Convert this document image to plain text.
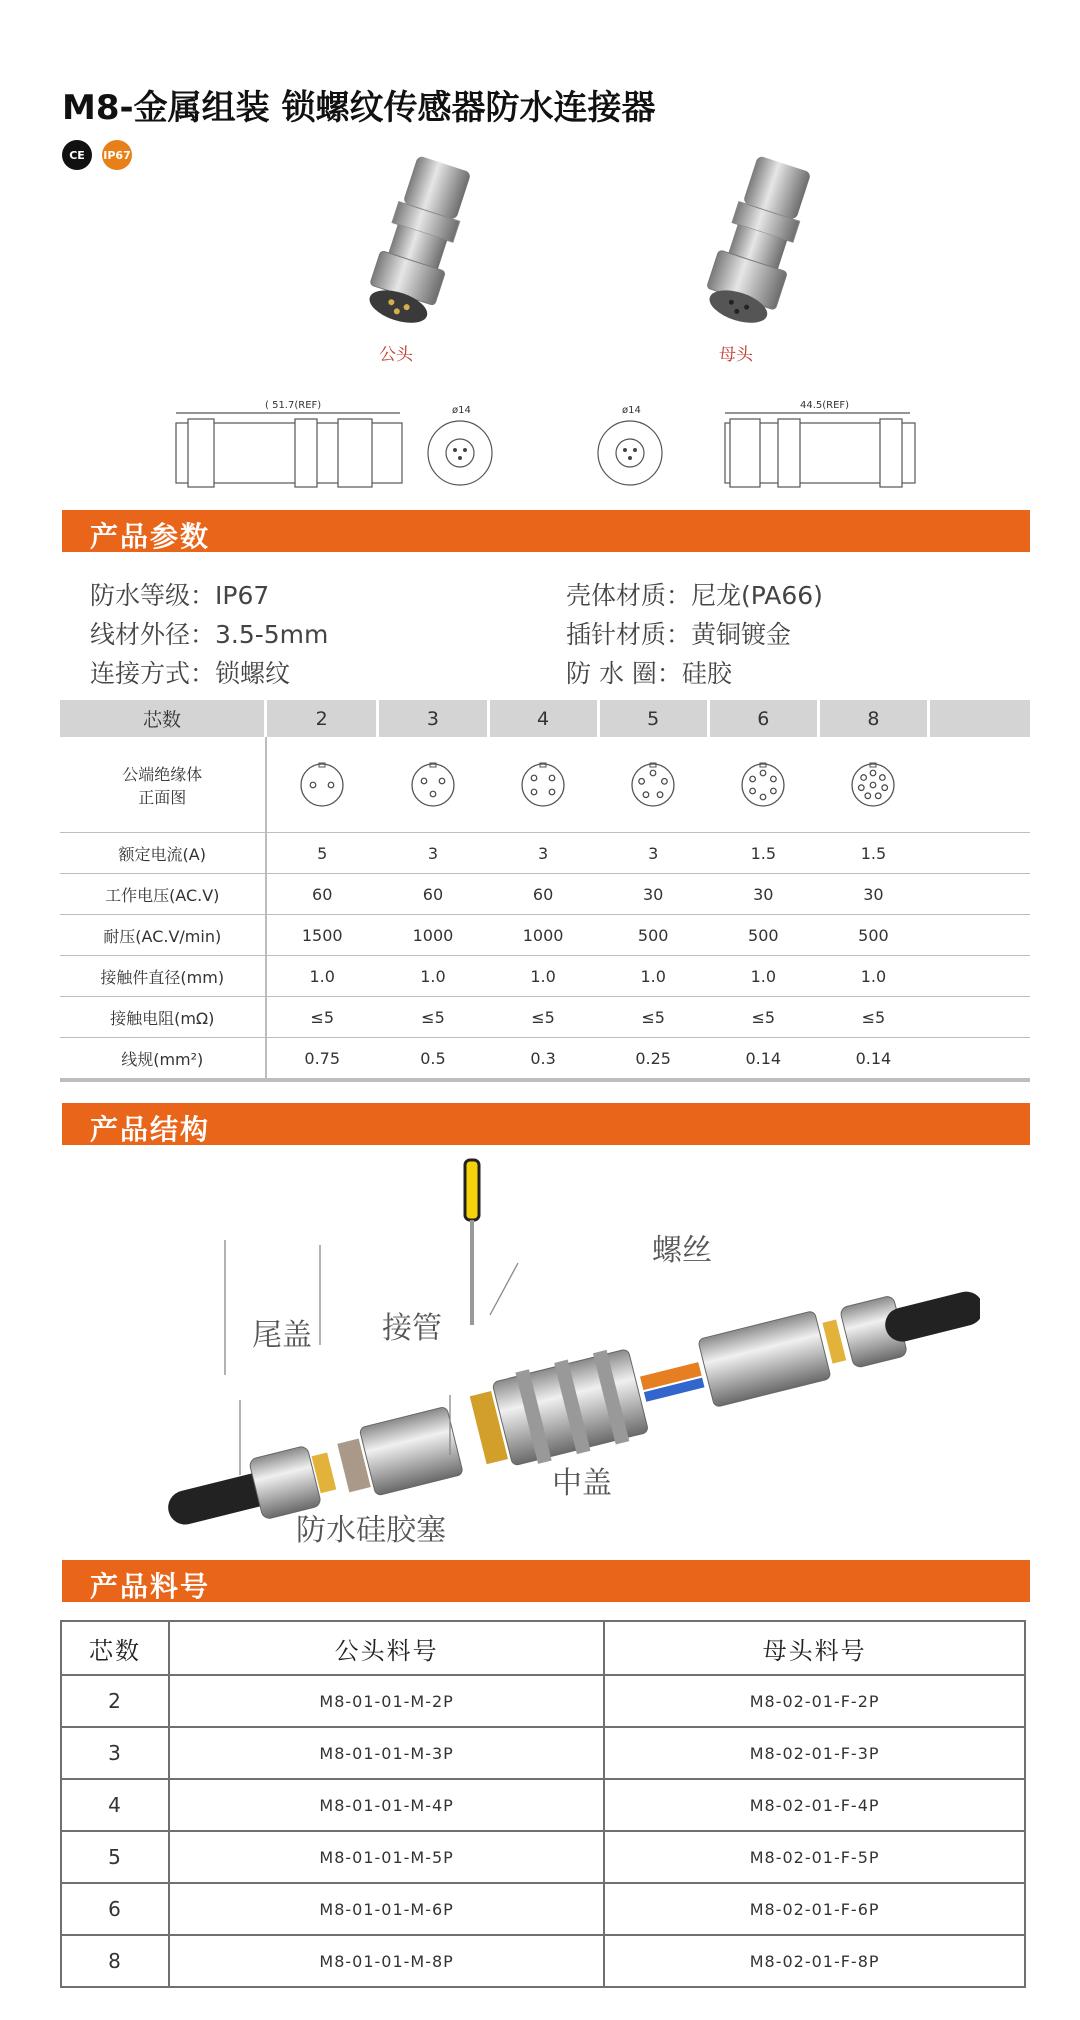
M8-金属组装 锁螺纹传感器防水连接器
CE	IP67
公头	母头
( 51.7(REF)	44.5(REF)
ø14	ø14
产品参数
防水等级：IP67	壳体材质：尼龙(PA66)
线材外径：3.5-5mm	插针材质：黄铜镀金
连接方式：锁螺纹	防 水 圈：硅胶
芯数	2	3	4	5	6	8	
公端绝缘体
正面图	

额定电流(A)	5	3	3	3	1.5	1.5	
工作电压(AC.V)	60	60	60	30	30	30	
耐压(AC.V/min)	1500	1000	1000	500	500	500	
接触件直径(mm)	1.0	1.0	1.0	1.0	1.0	1.0	
接触电阻(mΩ)	≤5	≤5	≤5	≤5	≤5	≤5	
线规(mm²)	0.75	0.5	0.3	0.25	0.14	0.14	
产品结构
螺丝
尾盖 接管
中盖
防水硅胶塞
产品料号
芯数	公头料号	母头料号
2	M8-01-01-M-2P	M8-02-01-F-2P
3	M8-01-01-M-3P	M8-02-01-F-3P
4	M8-01-01-M-4P	M8-02-01-F-4P
5	M8-01-01-M-5P	M8-02-01-F-5P
6	M8-01-01-M-6P	M8-02-01-F-6P
8	M8-01-01-M-8P	M8-02-01-F-8P
